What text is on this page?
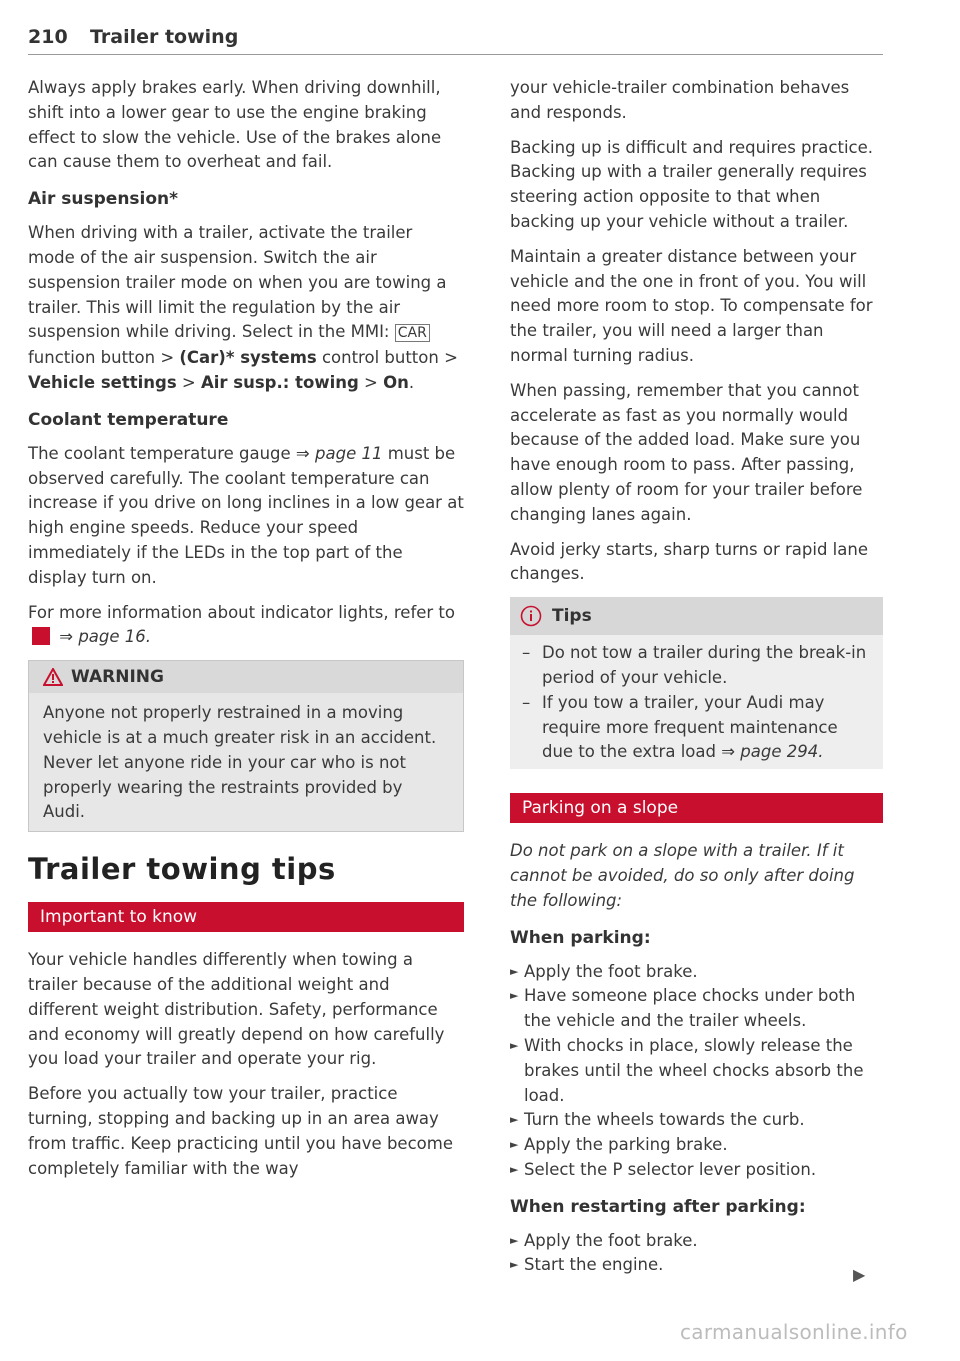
210 Trailer towing

Always apply brakes early. When driving downhill, shift into a lower gear to use the engine braking effect to slow the vehicle. Use of the brakes alone can cause them to overheat and fail.

Air suspension*

When driving with a trailer, activate the trailer mode of the air suspension. Switch the air suspension trailer mode on when you are towing a trailer. This will limit the regulation by the air suspension while driving. Select in the MMI: CAR function button > (Car)* systems control button > Vehicle settings > Air susp.: towing > On.

Coolant temperature

The coolant temperature gauge ⇒ page 11 must be observed carefully. The coolant temperature can increase if you drive on long inclines in a low gear at high engine speeds. Reduce your speed immediately if the LEDs in the top part of the display turn on.

For more information about indicator lights, refer to ⇒ page 16.

WARNING

Anyone not properly restrained in a moving vehicle is at a much greater risk in an accident. Never let anyone ride in your car who is not properly wearing the restraints provided by Audi.

Trailer towing tips
Important to know

Your vehicle handles differently when towing a trailer because of the additional weight and different weight distribution. Safety, performance and economy will greatly depend on how carefully you load your trailer and operate your rig.

Before you actually tow your trailer, practice turning, stopping and backing up in an area away from traffic. Keep practicing until you have become completely familiar with the way

your vehicle-trailer combination behaves and responds.

Backing up is difficult and requires practice. Backing up with a trailer generally requires steering action opposite to that when backing up your vehicle without a trailer.

Maintain a greater distance between your vehicle and the one in front of you. You will need more room to stop. To compensate for the trailer, you will need a larger than normal turning radius.

When passing, remember that you cannot accelerate as fast as you normally would because of the added load. Make sure you have enough room to pass. After passing, allow plenty of room for your trailer before changing lanes again.

Avoid jerky starts, sharp turns or rapid lane changes.

Tips
– Do not tow a trailer during the break-in period of your vehicle.
– If you tow a trailer, your Audi may require more frequent maintenance due to the extra load ⇒ page 294.
Parking on a slope

Do not park on a slope with a trailer. If it cannot be avoided, do so only after doing the following:

When parking:
► Apply the foot brake.
► Have someone place chocks under both the vehicle and the trailer wheels.
► With chocks in place, slowly release the brakes until the wheel chocks absorb the load.
► Turn the wheels towards the curb.
► Apply the parking brake.
► Select the P selector lever position.
When restarting after parking:
► Apply the foot brake.
► Start the engine.
▶
carmanualsonline.info
